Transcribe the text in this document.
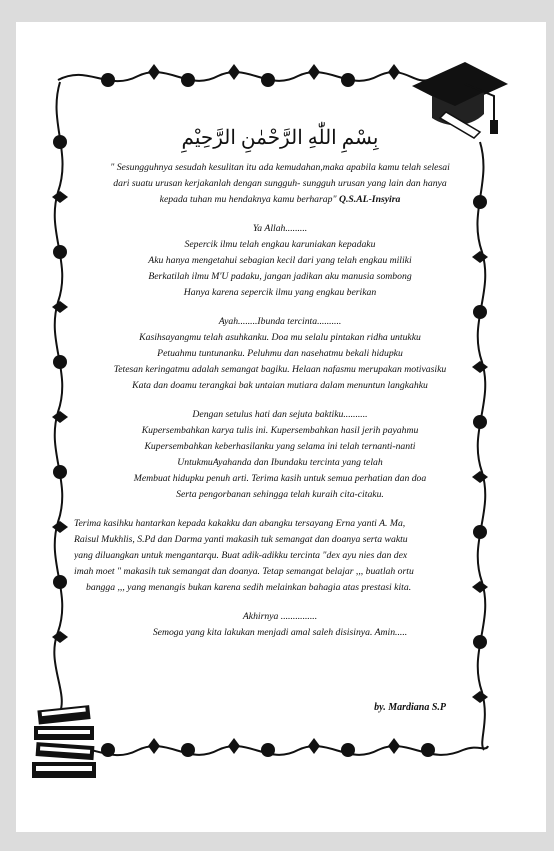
بِسْمِ اللّٰهِ الرَّحْمٰنِ الرَّحِيْمِ

" Sesungguhnya sesudah kesulitan itu ada kemudahan,maka apabila kamu telah selesai

dari suatu urusan kerjakanlah dengan sungguh- sungguh urusan yang lain dan hanya

kepada tuhan mu hendaknya kamu berharap" Q.S.AL-Insyira

Ya Allah.........

Sepercik ilmu telah engkau karuniakan kepadaku

Aku hanya mengetahui sebagian kecil dari yang telah engkau miliki

Berkatilah ilmu M'U padaku, jangan jadikan aku manusia sombong

Hanya karena sepercik ilmu yang engkau berikan

Ayah........Ibunda tercinta..........

Kasihsayangmu telah asuhkanku. Doa mu selalu pintakan ridha untukku

Petuahmu tuntunanku. Peluhmu dan nasehatmu bekali hidupku

Tetesan keringatmu adalah semangat bagiku. Helaan nafasmu merupakan motivasiku

Kata dan doamu terangkai bak untaian mutiara dalam menuntun langkahku

Dengan setulus hati dan sejuta baktiku..........

Kupersembahkan karya tulis ini. Kupersembahkan hasil jerih payahmu

Kupersembahkan keberhasilanku yang selama ini telah ternanti-nanti

UntukmuAyahanda dan Ibundaku tercinta yang telah

Membuat hidupku penuh arti. Terima kasih untuk semua perhatian dan doa

Serta pengorbanan sehingga telah kuraih cita-citaku.

Terima kasihku hantarkan kepada kakakku dan abangku tersayang Erna yanti A. Ma,

Raisul Mukhlis, S.Pd dan Darma yanti makasih tuk semangat dan doanya serta waktu

yang diluangkan untuk mengantarqu. Buat adik-adikku tercinta "dex ayu nies dan dex

imah moet " makasih tuk semangat dan doanya. Tetap semangat belajar ,,, buatlah ortu

bangga ,,, yang menangis bukan karena sedih melainkan bahagia atas prestasi kita.

Akhirnya ...............

Semoga yang kita lakukan menjadi amal saleh disisinya. Amin.....

by. Mardiana S.P
